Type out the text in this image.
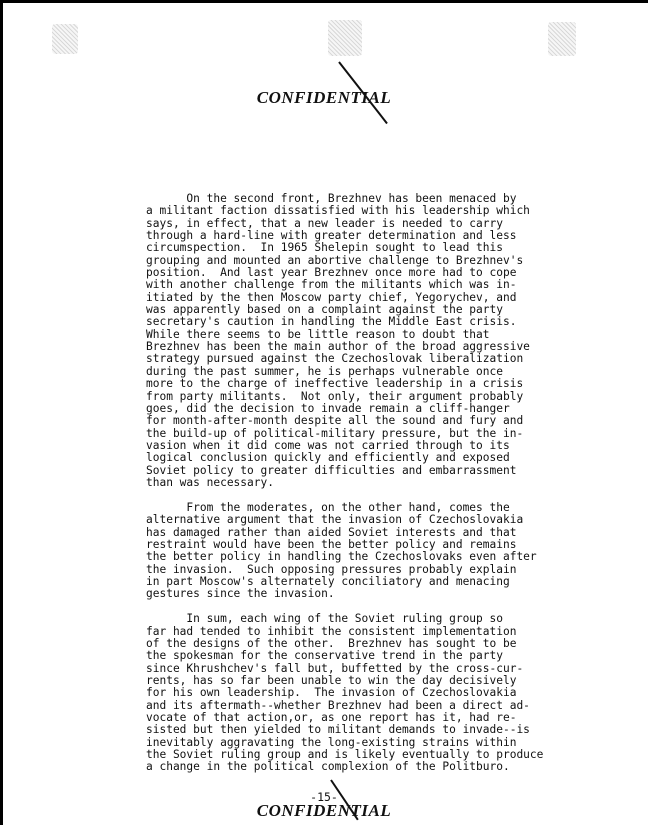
CONFIDENTIAL
On the second front, Brezhnev has been menaced by
a militant faction dissatisfied with his leadership which
says, in effect, that a new leader is needed to carry
through a hard-line with greater determination and less
circumspection.  In 1965 Shelepin sought to lead this
grouping and mounted an abortive challenge to Brezhnev's
position.  And last year Brezhnev once more had to cope
with another challenge from the militants which was in-
itiated by the then Moscow party chief, Yegorychev, and
was apparently based on a complaint against the party
secretary's caution in handling the Middle East crisis.
While there seems to be little reason to doubt that
Brezhnev has been the main author of the broad aggressive
strategy pursued against the Czechoslovak liberalization
during the past summer, he is perhaps vulnerable once
more to the charge of ineffective leadership in a crisis
from party militants.  Not only, their argument probably
goes, did the decision to invade remain a cliff-hanger
for month-after-month despite all the sound and fury and
the build-up of political-military pressure, but the in-
vasion when it did come was not carried through to its
logical conclusion quickly and efficiently and exposed
Soviet policy to greater difficulties and embarrassment
than was necessary.
From the moderates, on the other hand, comes the
alternative argument that the invasion of Czechoslovakia
has damaged rather than aided Soviet interests and that
restraint would have been the better policy and remains
the better policy in handling the Czechoslovaks even after
the invasion.  Such opposing pressures probably explain
in part Moscow's alternately conciliatory and menacing
gestures since the invasion.
In sum, each wing of the Soviet ruling group so
far had tended to inhibit the consistent implementation
of the designs of the other.  Brezhnev has sought to be
the spokesman for the conservative trend in the party
since Khrushchev's fall but, buffetted by the cross-cur-
rents, has so far been unable to win the day decisively
for his own leadership.  The invasion of Czechoslovakia
and its aftermath--whether Brezhnev had been a direct ad-
vocate of that action,or, as one report has it, had re-
sisted but then yielded to militant demands to invade--is
inevitably aggravating the long-existing strains within
the Soviet ruling group and is likely eventually to produce
a change in the political complexion of the Politburo.
-15-
CONFIDENTIAL
